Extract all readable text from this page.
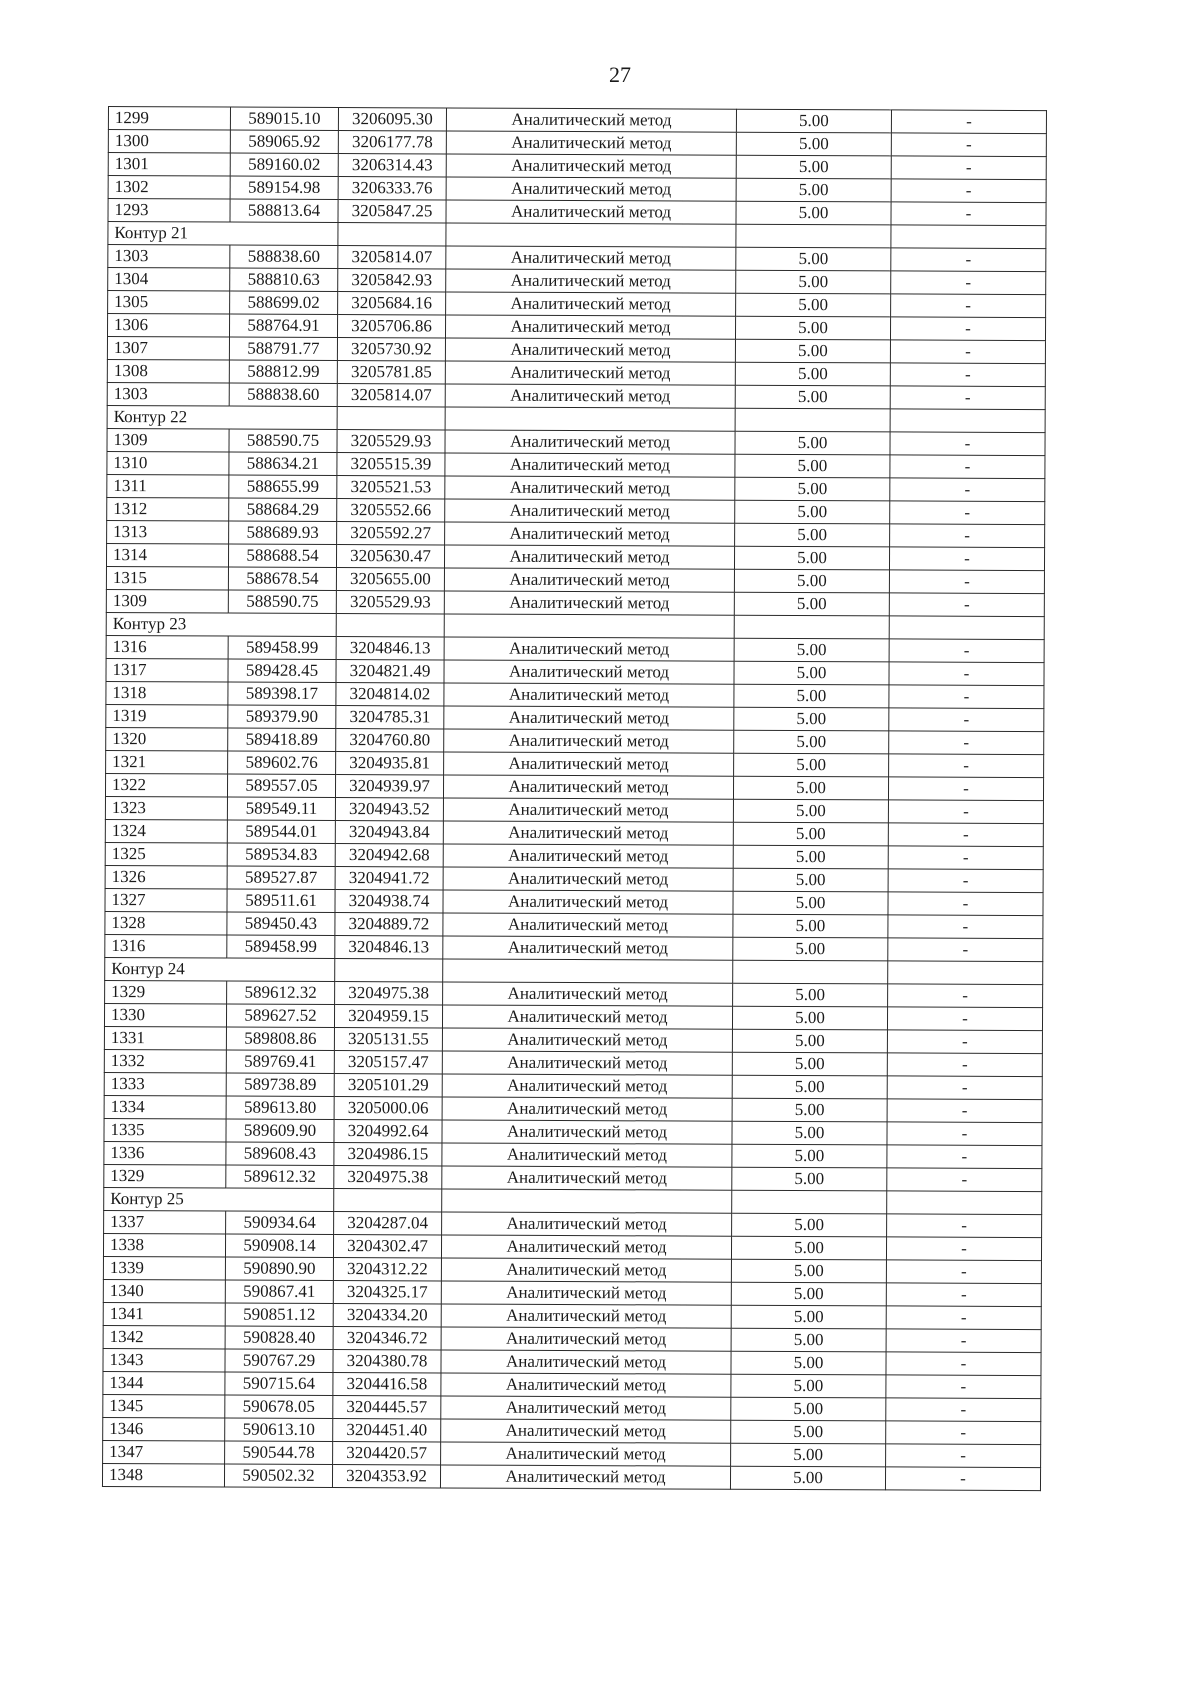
27
1299	589015.10	3206095.30	Аналитический метод	5.00	-
1300	589065.92	3206177.78	Аналитический метод	5.00	-
1301	589160.02	3206314.43	Аналитический метод	5.00	-
1302	589154.98	3206333.76	Аналитический метод	5.00	-
1293	588813.64	3205847.25	Аналитический метод	5.00	-
Контур 21					
1303	588838.60	3205814.07	Аналитический метод	5.00	-
1304	588810.63	3205842.93	Аналитический метод	5.00	-
1305	588699.02	3205684.16	Аналитический метод	5.00	-
1306	588764.91	3205706.86	Аналитический метод	5.00	-
1307	588791.77	3205730.92	Аналитический метод	5.00	-
1308	588812.99	3205781.85	Аналитический метод	5.00	-
1303	588838.60	3205814.07	Аналитический метод	5.00	-
Контур 22					
1309	588590.75	3205529.93	Аналитический метод	5.00	-
1310	588634.21	3205515.39	Аналитический метод	5.00	-
1311	588655.99	3205521.53	Аналитический метод	5.00	-
1312	588684.29	3205552.66	Аналитический метод	5.00	-
1313	588689.93	3205592.27	Аналитический метод	5.00	-
1314	588688.54	3205630.47	Аналитический метод	5.00	-
1315	588678.54	3205655.00	Аналитический метод	5.00	-
1309	588590.75	3205529.93	Аналитический метод	5.00	-
Контур 23					
1316	589458.99	3204846.13	Аналитический метод	5.00	-
1317	589428.45	3204821.49	Аналитический метод	5.00	-
1318	589398.17	3204814.02	Аналитический метод	5.00	-
1319	589379.90	3204785.31	Аналитический метод	5.00	-
1320	589418.89	3204760.80	Аналитический метод	5.00	-
1321	589602.76	3204935.81	Аналитический метод	5.00	-
1322	589557.05	3204939.97	Аналитический метод	5.00	-
1323	589549.11	3204943.52	Аналитический метод	5.00	-
1324	589544.01	3204943.84	Аналитический метод	5.00	-
1325	589534.83	3204942.68	Аналитический метод	5.00	-
1326	589527.87	3204941.72	Аналитический метод	5.00	-
1327	589511.61	3204938.74	Аналитический метод	5.00	-
1328	589450.43	3204889.72	Аналитический метод	5.00	-
1316	589458.99	3204846.13	Аналитический метод	5.00	-
Контур 24					
1329	589612.32	3204975.38	Аналитический метод	5.00	-
1330	589627.52	3204959.15	Аналитический метод	5.00	-
1331	589808.86	3205131.55	Аналитический метод	5.00	-
1332	589769.41	3205157.47	Аналитический метод	5.00	-
1333	589738.89	3205101.29	Аналитический метод	5.00	-
1334	589613.80	3205000.06	Аналитический метод	5.00	-
1335	589609.90	3204992.64	Аналитический метод	5.00	-
1336	589608.43	3204986.15	Аналитический метод	5.00	-
1329	589612.32	3204975.38	Аналитический метод	5.00	-
Контур 25					
1337	590934.64	3204287.04	Аналитический метод	5.00	-
1338	590908.14	3204302.47	Аналитический метод	5.00	-
1339	590890.90	3204312.22	Аналитический метод	5.00	-
1340	590867.41	3204325.17	Аналитический метод	5.00	-
1341	590851.12	3204334.20	Аналитический метод	5.00	-
1342	590828.40	3204346.72	Аналитический метод	5.00	-
1343	590767.29	3204380.78	Аналитический метод	5.00	-
1344	590715.64	3204416.58	Аналитический метод	5.00	-
1345	590678.05	3204445.57	Аналитический метод	5.00	-
1346	590613.10	3204451.40	Аналитический метод	5.00	-
1347	590544.78	3204420.57	Аналитический метод	5.00	-
1348	590502.32	3204353.92	Аналитический метод	5.00	-
